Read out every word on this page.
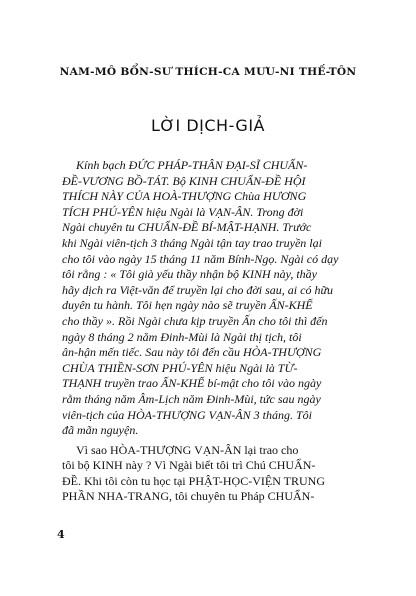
NAM-MÔ BỔN-SƯ THÍCH-CA MƯU-NI THẾ-TÔN
LỜI DỊCH-GIẢ

Kính bạch ĐỨC PHÁP-THÂN ĐẠI-SĨ CHUẨN-
ĐỀ-VƯƠNG BỒ-TÁT. Bộ KINH CHUẨN-ĐỀ HỘI
THÍCH NÀY CỦA HOÀ-THƯỢNG Chùa HƯƠNG
TÍCH PHÚ-YÊN hiệu Ngài là VẠN-ÂN. Trong đời
Ngài chuyên tu CHUẨN-ĐỀ BÍ-MẬT-HẠNH. Trước
khi Ngài viên-tịch 3 tháng Ngài tận tay trao truyền lại
cho tôi vào ngày 15 tháng 11 năm Bính-Ngọ. Ngài có dạy
tôi rằng : « Tôi già yếu thầy nhận bộ KINH này, thầy
hãy dịch ra Việt-văn để truyền lại cho đời sau, ai có hữu
duyên tu hành. Tôi hẹn ngày nào sẽ truyền ẤN-KHẾ
cho thầy ». Rồi Ngài chưa kịp truyền Ấn cho tôi thì đến
ngày 8 tháng 2 năm Đinh-Mùi là Ngài thị tịch, tôi
ân-hận mến tiếc. Sau này tôi đến cầu HÒA-THƯỢNG
CHÙA THIỀN-SƠN PHÚ-YÊN hiệu Ngài là TỪ-
THẠNH truyền trao ẤN-KHẾ bí-mật cho tôi vào ngày
rằm tháng năm Âm-Lịch năm Đinh-Mùi, tức sau ngày
viên-tịch của HÒA-THƯỢNG VẠN-ÂN 3 tháng. Tôi
đã mãn nguyện.

Vì sao HÒA-THƯỢNG VẠN-ÂN lại trao cho
tôi bộ KINH này ? Vì Ngài biết tôi trì Chú CHUẨN-
ĐỀ. Khi tôi còn tu học tại PHẬT-HỌC-VIỆN TRUNG
PHẦN NHA-TRANG, tôi chuyên tu Pháp CHUẨN-

4
